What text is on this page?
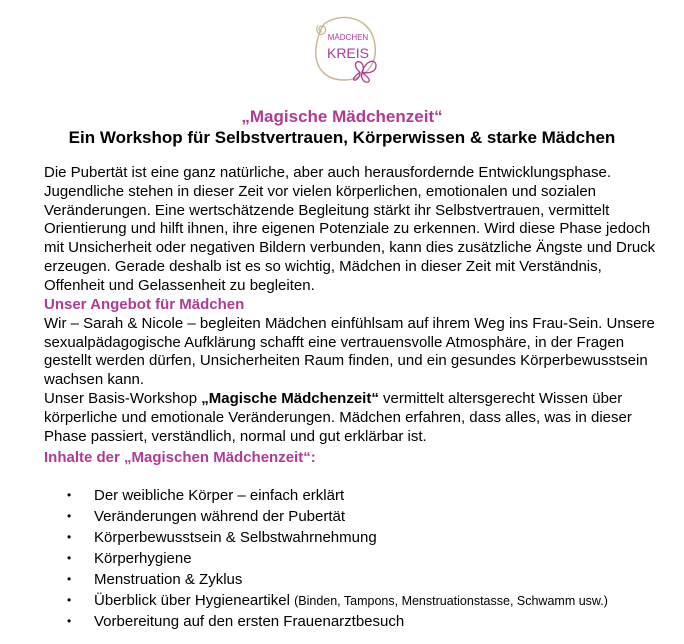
MÄDCHEN
KREIS
„Magische Mädchenzeit“
Ein Workshop für Selbstvertrauen, Körperwissen & starke Mädchen
Die Pubertät ist eine ganz natürliche, aber auch herausfordernde Entwicklungsphase. Jugendliche stehen in dieser Zeit vor vielen körperlichen, emotionalen und sozialen Veränderungen. Eine wertschätzende Begleitung stärkt ihr Selbstvertrauen, vermittelt Orientierung und hilft ihnen, ihre eigenen Potenziale zu erkennen. Wird diese Phase jedoch mit Unsicherheit oder negativen Bildern verbunden, kann dies zusätzliche Ängste und Druck erzeugen. Gerade deshalb ist es so wichtig, Mädchen in dieser Zeit mit Verständnis, Offenheit und Gelassenheit zu begleiten.
Unser Angebot für Mädchen
Wir – Sarah & Nicole – begleiten Mädchen einfühlsam auf ihrem Weg ins Frau-Sein. Unsere sexualpädagogische Aufklärung schafft eine vertrauensvolle Atmosphäre, in der Fragen gestellt werden dürfen, Unsicherheiten Raum finden, und ein gesundes Körperbewusstsein wachsen kann.
Unser Basis-Workshop „Magische Mädchenzeit“ vermittelt altersgerecht Wissen über körperliche und emotionale Veränderungen. Mädchen erfahren, dass alles, was in dieser Phase passiert, verständlich, normal und gut erklärbar ist.
Inhalte der „Magischen Mädchenzeit“:
• Der weibliche Körper – einfach erklärt
• Veränderungen während der Pubertät
• Körperbewusstsein & Selbstwahrnehmung
• Körperhygiene
• Menstruation & Zyklus
• Überblick über Hygieneartikel (Binden, Tampons, Menstruationstasse, Schwamm usw.)
• Vorbereitung auf den ersten Frauenarztbesuch
